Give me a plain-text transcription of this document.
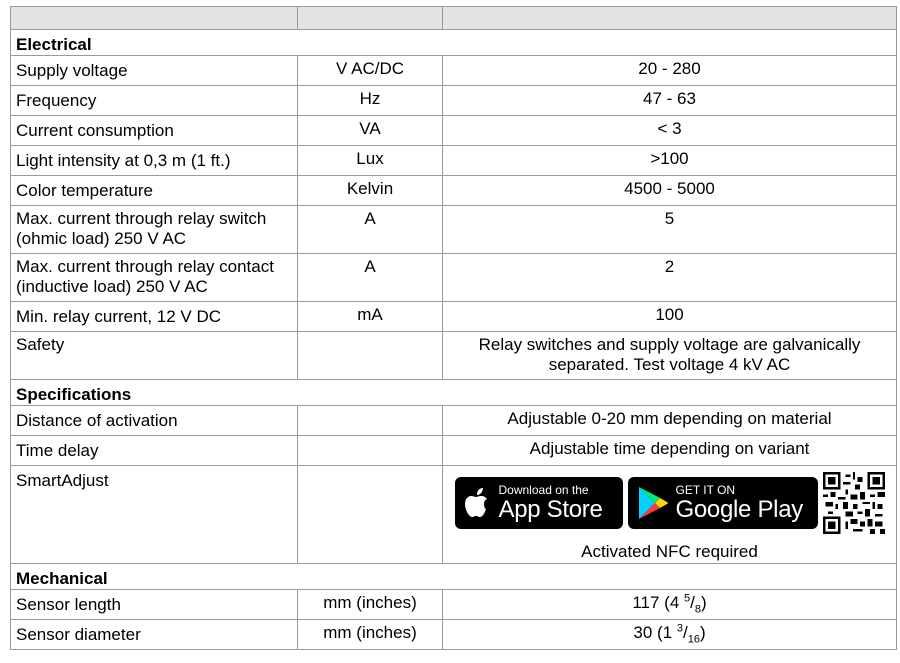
Electrical		
Supply voltage	V AC/DC	20 - 280
Frequency	Hz	47 - 63
Current consumption	VA	< 3
Light intensity at 0,3 m (1 ft.)	Lux	>100
Color temperature	Kelvin	4500 - 5000
Max. current through relay switch (ohmic load) 250 V AC	A	5
Max. current through relay contact (inductive load) 250 V AC	A	2
Min. relay current, 12 V DC	mA	100
Safety		Relay switches and supply voltage are galvanically separated. Test voltage 4 kV AC
Specifications		
Distance of activation		Adjustable 0-20 mm depending on material
Time delay		Adjustable time depending on variant
SmartAdjust		Download on the
App Store
GET IT ON
Google Play
Activated NFC required

Mechanical		
Sensor length	mm (inches)	117 (4 $^5/_8$)
Sensor diameter	mm (inches)	30 (1 $^3/_{16}$)
